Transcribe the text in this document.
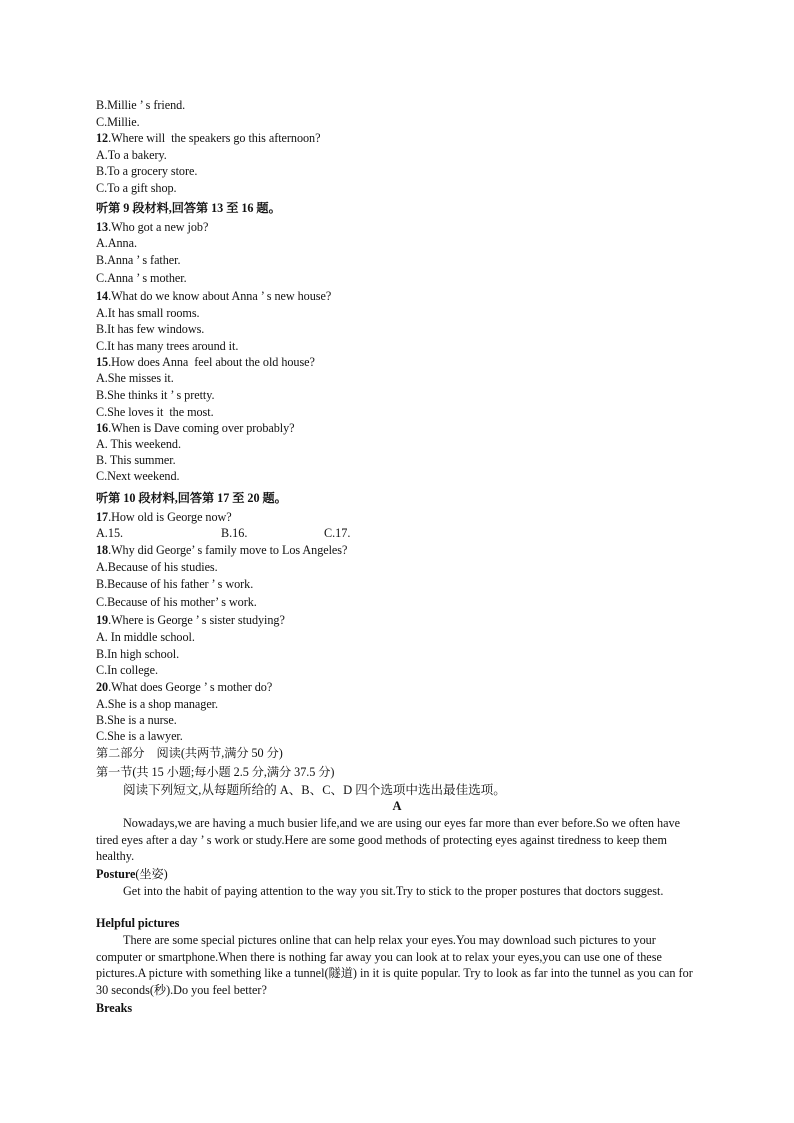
B.Millie ’ s friend.
C.Millie.
12.Where will  the speakers go this afternoon?
A.To a bakery.
B.To a grocery store.
C.To a gift shop.
听第 9 段材料,回答第 13 至 16 题。
13.Who got a new job?
A.Anna.
B.Anna ’ s father.
C.Anna ’ s mother.
14.What do we know about Anna ’ s new house?
A.It has small rooms.
B.It has few windows.
C.It has many trees around it.
15.How does Anna  feel about the old house?
A.She misses it.
B.She thinks it ’ s pretty.
C.She loves it  the most.
16.When is Dave coming over probably?
A. This weekend.
B. This summer.
C.Next weekend.
听第 10 段材料,回答第 17 至 20 题。
17.How old is George now?
A.15.	B.16.	C.17.
18.Why did George’ s family move to Los Angeles?
A.Because of his studies.
B.Because of his father ’ s work.
C.Because of his mother’ s work.
19.Where is George ’ s sister studying?
A. In middle school.
B.In high school.
C.In college.
20.What does George ’ s mother do?
A.She is a shop manager.
B.She is a nurse.
C.She is a lawyer.
第二部分    阅读(共两节,满分 50 分)
第一节(共 15 小题;每小题 2.5 分,满分 37.5 分)
阅读下列短文,从每题所给的 A、B、C、D 四个选项中选出最佳选项。
A
Nowadays,we are having a much busier life,and we are using our eyes far more than ever before.So we often have tired eyes after a day ’ s work or study.Here are some good methods of protecting eyes against tiredness to keep them healthy.
Posture(坐姿)
Get into the habit of paying attention to the way you sit.Try to stick to the proper postures that doctors suggest.
Helpful pictures
There are some special pictures online that can help relax your eyes.You may download such pictures to your computer or smartphone.When there is nothing far away you can look at to relax your eyes,you can use one of these pictures.A picture with something like a tunnel(隧道) in it is quite popular. Try to look as far into the tunnel as you can for 30 seconds(秒).Do you feel better?
Breaks
